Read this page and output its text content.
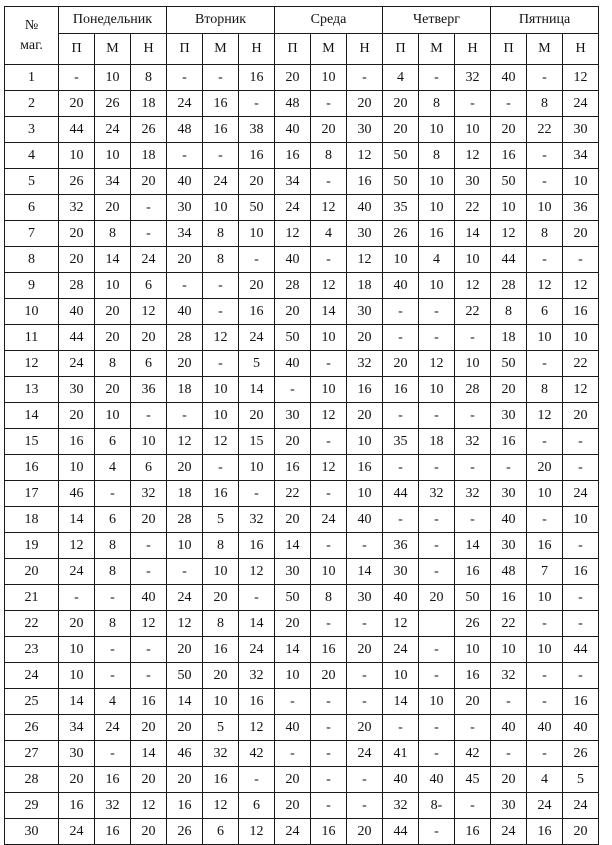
№
маг.	Понедельник			Вторник			Среда			Четверг			Пятница		
	П	М	Н	П	М	Н	П	М	Н	П	М	Н	П	М	Н
1	-	10	8	-	-	16	20	10	-	4	-	32	40	-	12
2	20	26	18	24	16	-	48	-	20	20	8	-	-	8	24
3	44	24	26	48	16	38	40	20	30	20	10	10	20	22	30
4	10	10	18	-	-	16	16	8	12	50	8	12	16	-	34
5	26	34	20	40	24	20	34	-	16	50	10	30	50	-	10
6	32	20	-	30	10	50	24	12	40	35	10	22	10	10	36
7	20	8	-	34	8	10	12	4	30	26	16	14	12	8	20
8	20	14	24	20	8	-	40	-	12	10	4	10	44	-	-
9	28	10	6	-	-	20	28	12	18	40	10	12	28	12	12
10	40	20	12	40	-	16	20	14	30	-	-	22	8	6	16
11	44	20	20	28	12	24	50	10	20	-	-	-	18	10	10
12	24	8	6	20	-	5	40	-	32	20	12	10	50	-	22
13	30	20	36	18	10	14	-	10	16	16	10	28	20	8	12
14	20	10	-	-	10	20	30	12	20	-	-	-	30	12	20
15	16	6	10	12	12	15	20	-	10	35	18	32	16	-	-
16	10	4	6	20	-	10	16	12	16	-	-	-	-	20	-
17	46	-	32	18	16	-	22	-	10	44	32	32	30	10	24
18	14	6	20	28	5	32	20	24	40	-	-	-	40	-	10
19	12	8	-	10	8	16	14	-	-	36	-	14	30	16	-
20	24	8	-	-	10	12	30	10	14	30	-	16	48	7	16
21	-	-	40	24	20	-	50	8	30	40	20	50	16	10	-
22	20	8	12	12	8	14	20	-	-	12		26	22	-	-
23	10	-	-	20	16	24	14	16	20	24	-	10	10	10	44
24	10	-	-	50	20	32	10	20	-	10	-	16	32	-	-
25	14	4	16	14	10	16	-	-	-	14	10	20	-	-	16
26	34	24	20	20	5	12	40	-	20	-	-	-	40	40	40
27	30	-	14	46	32	42	-	-	24	41	-	42	-	-	26
28	20	16	20	20	16	-	20	-	-	40	40	45	20	4	5
29	16	32	12	16	12	6	20	-	-	32	8-	-	30	24	24
30	24	16	20	26	6	12	24	16	20	44	-	16	24	16	20
